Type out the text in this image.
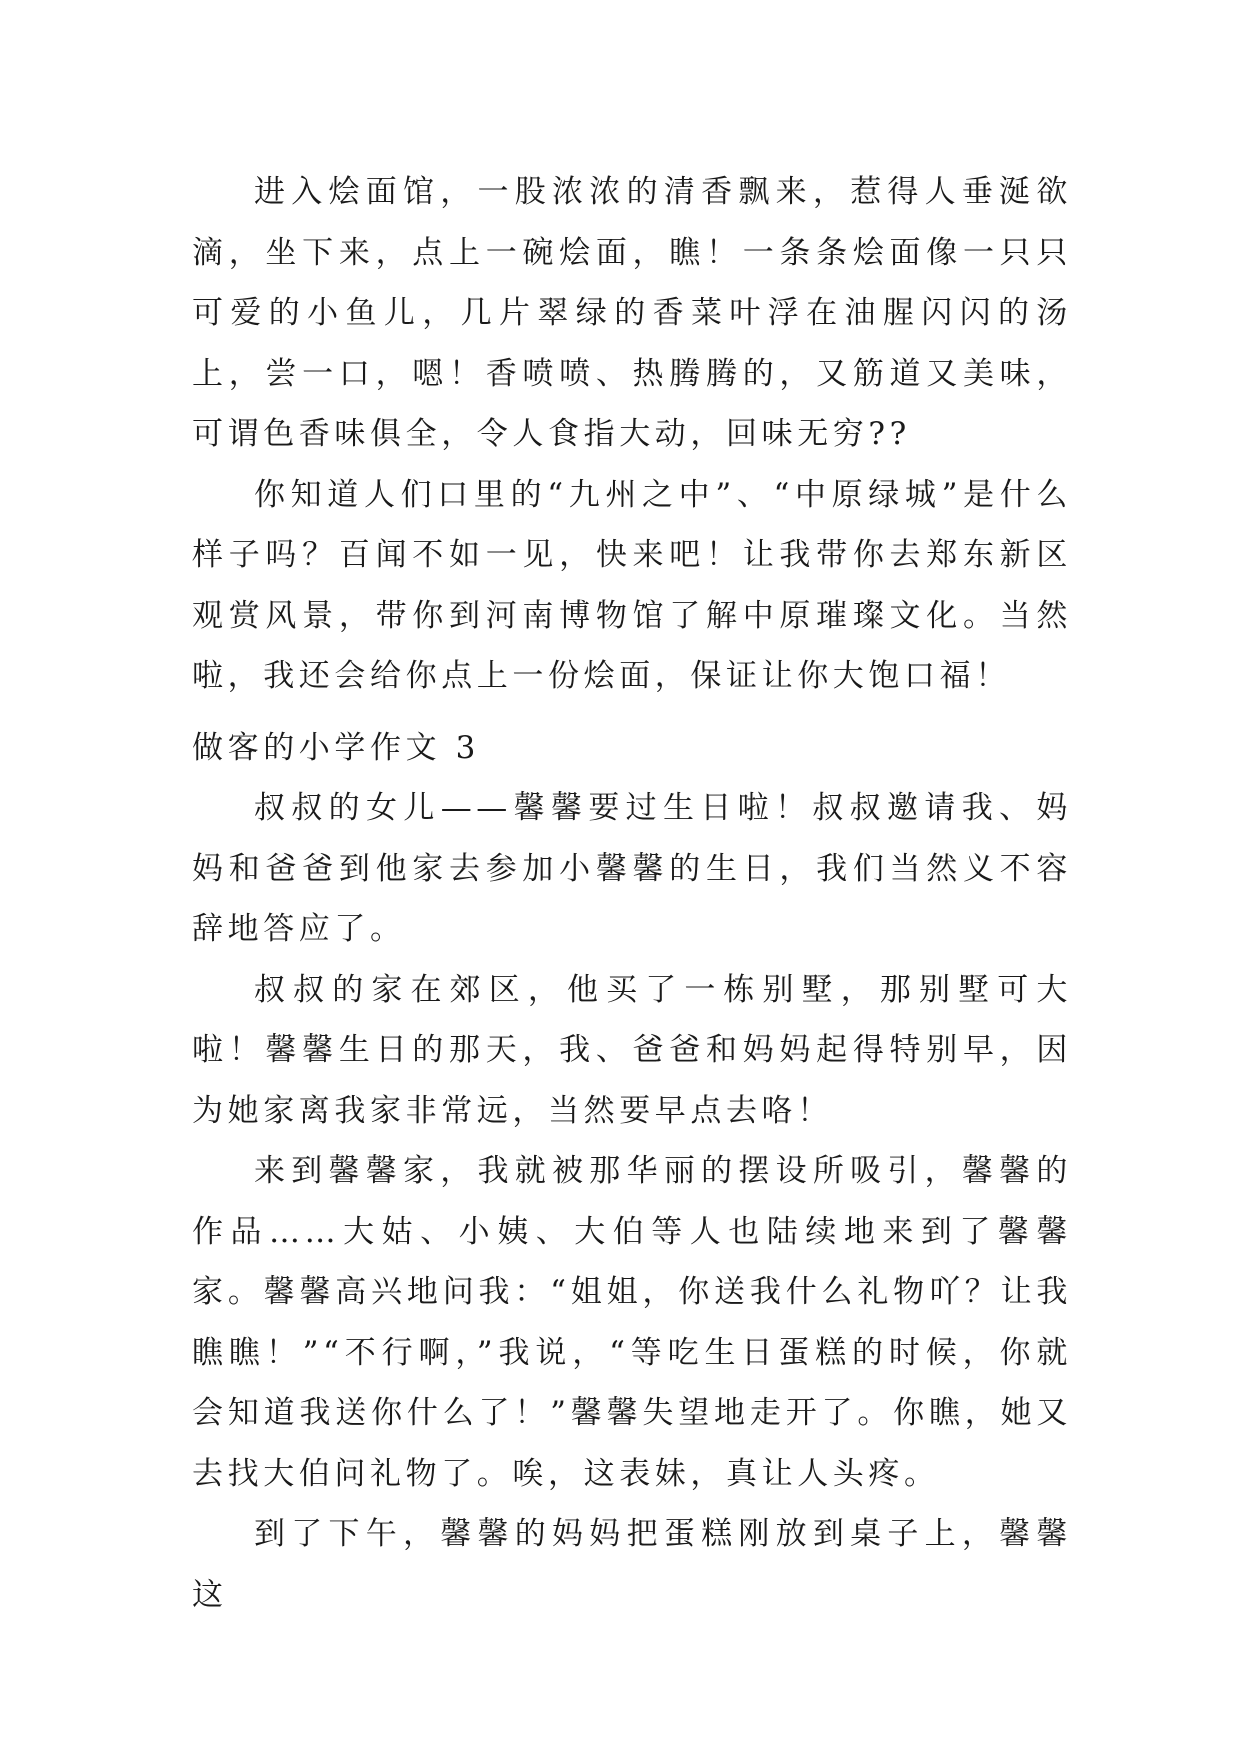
进入烩面馆，一股浓浓的清香飘来，惹得人垂涎欲滴，坐下来，点上一碗烩面，瞧！一条条烩面像一只只可爱的小鱼儿，几片翠绿的香菜叶浮在油腥闪闪的汤上，尝一口，嗯！香喷喷、热腾腾的，又筋道又美味，可谓色香味俱全，令人食指大动，回味无穷??

你知道人们口里的“九州之中”、“中原绿城”是什么样子吗？百闻不如一见，快来吧！让我带你去郑东新区观赏风景，带你到河南博物馆了解中原璀璨文化。当然啦，我还会给你点上一份烩面，保证让你大饱口福！

做客的小学作文 3

叔叔的女儿——馨馨要过生日啦！叔叔邀请我、妈妈和爸爸到他家去参加小馨馨的生日，我们当然义不容辞地答应了。

叔叔的家在郊区，他买了一栋别墅，那别墅可大啦！馨馨生日的那天，我、爸爸和妈妈起得特别早，因为她家离我家非常远，当然要早点去咯！

来到馨馨家，我就被那华丽的摆设所吸引，馨馨的作品……大姑、小姨、大伯等人也陆续地来到了馨馨家。馨馨高兴地问我：“姐姐，你送我什么礼物吖？让我瞧瞧！”“不行啊，”我说，“等吃生日蛋糕的时候，你就会知道我送你什么了！”馨馨失望地走开了。你瞧，她又去找大伯问礼物了。唉，这表妹，真让人头疼。

到了下午，馨馨的妈妈把蛋糕刚放到桌子上，馨馨这
